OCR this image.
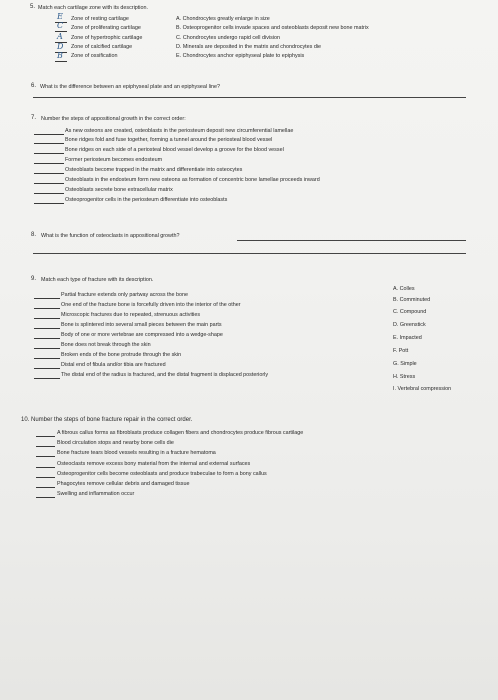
5. Match each cartilage zone with its description.
E Zone of resting cartilage
C Zone of proliferating cartilage
A Zone of hypertrophic cartilage
D Zone of calcified cartilage
B Zone of ossification
A. Chondrocytes greatly enlarge in size
B. Osteoprogenitor cells invade spaces and osteoblasts deposit new bone matrix
C. Chondrocytes undergo rapid cell division
D. Minerals are deposited in the matrix and chondrocytes die
E. Chondrocytes anchor epiphyseal plate to epiphysis
6. What is the difference between an epiphyseal plate and an epiphyseal line?
7. Number the steps of appositional growth in the correct order:
As new osteons are created, osteoblasts in the periosteum deposit new circumferential lamellae
Bone ridges fold and fuse together, forming a tunnel around the periosteal blood vessel
Bone ridges on each side of a periosteal blood vessel develop a groove for the blood vessel
Former periosteum becomes endosteum
Osteoblasts become trapped in the matrix and differentiate into osteocytes
Osteoblasts in the endosteum form new osteons as formation of concentric bone lamellae proceeds inward
Osteoblasts secrete bone extracellular matrix
Osteoprogenitor cells in the periosteum differentiate into osteoblasts
8. What is the function of osteoclasts in appositional growth?
9. Match each type of fracture with its description.
Partial fracture extends only partway across the bone
One end of the fracture bone is forcefully driven into the interior of the other
Microscopic fractures due to repeated, strenuous activities
Bone is splintered into several small pieces between the main parts
Body of one or more vertebrae are compressed into a wedge-shape
Bone does not break through the skin
Broken ends of the bone protrude through the skin
Distal end of fibula and/or tibia are fractured
The distal end of the radius is fractured, and the distal fragment is displaced posteriorly
A. Colles
B. Comminuted
C. Compound
D. Greenstick
E. Impacted
F. Pott
G. Simple
H. Stress
I. Vertebral compression
10. Number the steps of bone fracture repair in the correct order.
A fibrous callus forms as fibroblasts produce collagen fibers and chondrocytes produce fibrous cartilage
Blood circulation stops and nearby bone cells die
Bone fracture tears blood vessels resulting in a fracture hematoma
Osteoclasts remove excess bony material from the internal and external surfaces
Osteoprogenitor cells become osteoblasts and produce trabeculae to form a bony callus
Phagocytes remove cellular debris and damaged tissue
Swelling and inflammation occur
